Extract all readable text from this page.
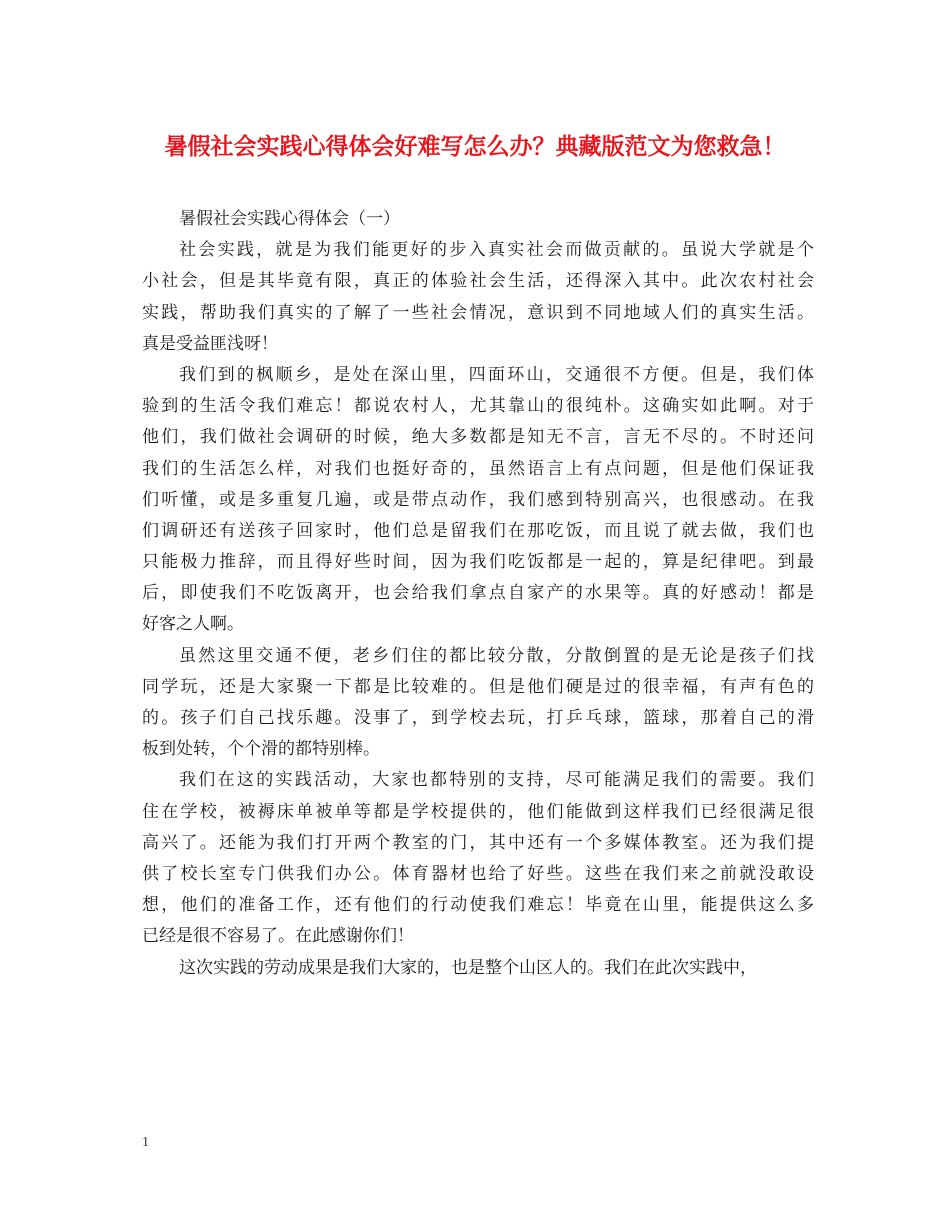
暑假社会实践心得体会好难写怎么办？典藏版范文为您救急！
暑假社会实践心得体会（一）
社会实践，就是为我们能更好的步入真实社会而做贡献的。虽说大学就是个
小社会，但是其毕竟有限，真正的体验社会生活，还得深入其中。此次农村社会
实践，帮助我们真实的了解了一些社会情况，意识到不同地域人们的真实生活。
真是受益匪浅呀！
我们到的枫顺乡，是处在深山里，四面环山，交通很不方便。但是，我们体
验到的生活令我们难忘！都说农村人，尤其靠山的很纯朴。这确实如此啊。对于
他们，我们做社会调研的时候，绝大多数都是知无不言，言无不尽的。不时还问
我们的生活怎么样，对我们也挺好奇的，虽然语言上有点问题，但是他们保证我
们听懂，或是多重复几遍，或是带点动作，我们感到特别高兴，也很感动。在我
们调研还有送孩子回家时，他们总是留我们在那吃饭，而且说了就去做，我们也
只能极力推辞，而且得好些时间，因为我们吃饭都是一起的，算是纪律吧。到最
后，即使我们不吃饭离开，也会给我们拿点自家产的水果等。真的好感动！都是
好客之人啊。
虽然这里交通不便，老乡们住的都比较分散，分散倒置的是无论是孩子们找
同学玩，还是大家聚一下都是比较难的。但是他们硬是过的很幸福，有声有色的
的。孩子们自己找乐趣。没事了，到学校去玩，打乒乓球，篮球，那着自己的滑
板到处转，个个滑的都特别棒。
我们在这的实践活动，大家也都特别的支持，尽可能满足我们的需要。我们
住在学校，被褥床单被单等都是学校提供的，他们能做到这样我们已经很满足很
高兴了。还能为我们打开两个教室的门，其中还有一个多媒体教室。还为我们提
供了校长室专门供我们办公。体育器材也给了好些。这些在我们来之前就没敢设
想，他们的准备工作，还有他们的行动使我们难忘！毕竟在山里，能提供这么多
已经是很不容易了。在此感谢你们！
这次实践的劳动成果是我们大家的，也是整个山区人的。我们在此次实践中，
1
